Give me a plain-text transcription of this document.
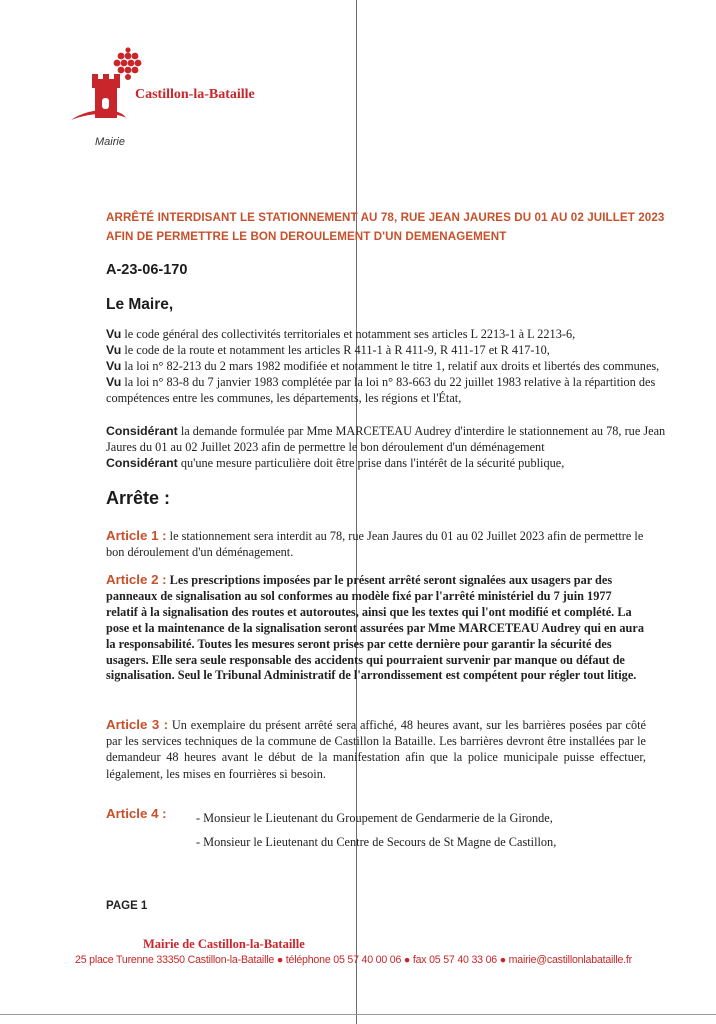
Castillon-la-Bataille
Mairie
ARRÊTÉ INTERDISANT LE STATIONNEMENT AU 78, RUE JEAN JAURES DU 01 AU 02 JUILLET 2023 AFIN DE PERMETTRE LE BON DEROULEMENT D'UN DEMENAGEMENT
A-23-06-170
Le Maire,

Vu le code général des collectivités territoriales et notamment ses articles L 2213-1 à L 2213-6,

Vu le code de la route et notamment les articles R 411-1 à R 411-9, R 411-17 et R 417-10,

Vu la loi n° 82-213 du 2 mars 1982 modifiée et notamment le titre 1, relatif aux droits et libertés des communes,

Vu la loi n° 83-8 du 7 janvier 1983 complétée par la loi n° 83-663 du 22 juillet 1983 relative à la répartition des compétences entre les communes, les départements, les régions et l'État,

Considérant la demande formulée par Mme MARCETEAU Audrey d'interdire le stationnement au 78, rue Jean Jaures du 01 au 02 Juillet 2023 afin de permettre le bon déroulement d'un déménagement

Considérant qu'une mesure particulière doit être prise dans l'intérêt de la sécurité publique,

Arrête :
Article 1 : le stationnement sera interdit au 78, rue Jean Jaures du 01 au 02 Juillet 2023 afin de permettre le bon déroulement d'un déménagement.
Article 2 : Les prescriptions imposées par le présent arrêté seront signalées aux usagers par des panneaux de signalisation au sol conformes au modèle fixé par l'arrêté ministériel du 7 juin 1977 relatif à la signalisation des routes et autoroutes, ainsi que les textes qui l'ont modifié et complété. La pose et la maintenance de la signalisation seront assurées par Mme MARCETEAU Audrey qui en aura la responsabilité. Toutes les mesures seront prises par cette dernière pour garantir la sécurité des usagers. Elle sera seule responsable des accidents qui pourraient survenir par manque ou défaut de signalisation. Seul le Tribunal Administratif de l'arrondissement est compétent pour régler tout litige.
Article 3 : Un exemplaire du présent arrêté sera affiché, 48 heures avant, sur les barrières posées par côté par les services techniques de la commune de Castillon la Bataille. Les barrières devront être installées par le demandeur 48 heures avant le début de la manifestation afin que la police municipale puisse effectuer, légalement, les mises en fourrières si besoin.
Article 4 : - Monsieur le Lieutenant du Groupement de Gendarmerie de la Gironde,
- Monsieur le Lieutenant du Centre de Secours de St Magne de Castillon,
PAGE 1
Mairie de Castillon-la-Bataille
25 place Turenne 33350 Castillon-la-Bataille ● téléphone 05 57 40 00 06 ● fax 05 57 40 33 06 ● mairie@castillonlabataille.fr
